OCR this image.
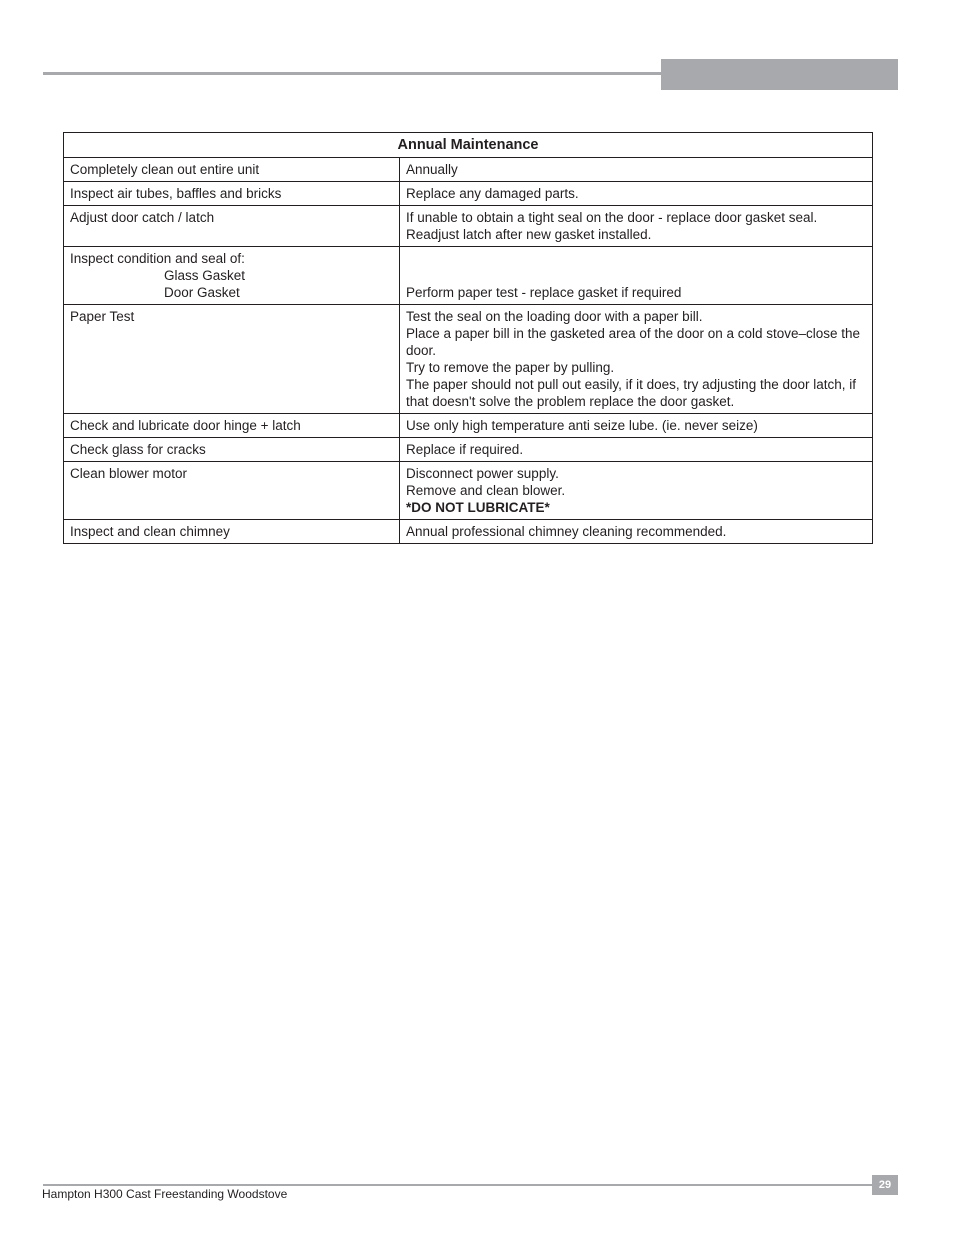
Annual Maintenance	

Completely clean out entire unit	Annually

Inspect air tubes, baffles and bricks	Replace any damaged parts.

Adjust door catch / latch	If unable to obtain a tight seal on the door - replace door gasket seal.
Readjust latch after new gasket installed.

Inspect condition and seal of:
Glass Gasket
Door Gasket	Perform paper test - replace gasket if required

Paper Test	Test the seal on the loading door with a paper bill.
Place a paper bill in the gasketed area of the door on a cold stove–close the door.
Try to remove the paper by pulling.
The paper should not pull out easily, if it does, try adjusting the door latch, if that doesn't solve the problem replace the door gasket.

Check and lubricate door hinge + latch	Use only high temperature anti seize lube. (ie. never seize)

Check glass for cracks	Replace if required.

Clean blower motor	Disconnect power supply.
Remove and clean blower.
*DO NOT LUBRICATE*

Inspect and clean chimney	Annual professional chimney cleaning recommended.
Hampton H300 Cast Freestanding Woodstove
29
